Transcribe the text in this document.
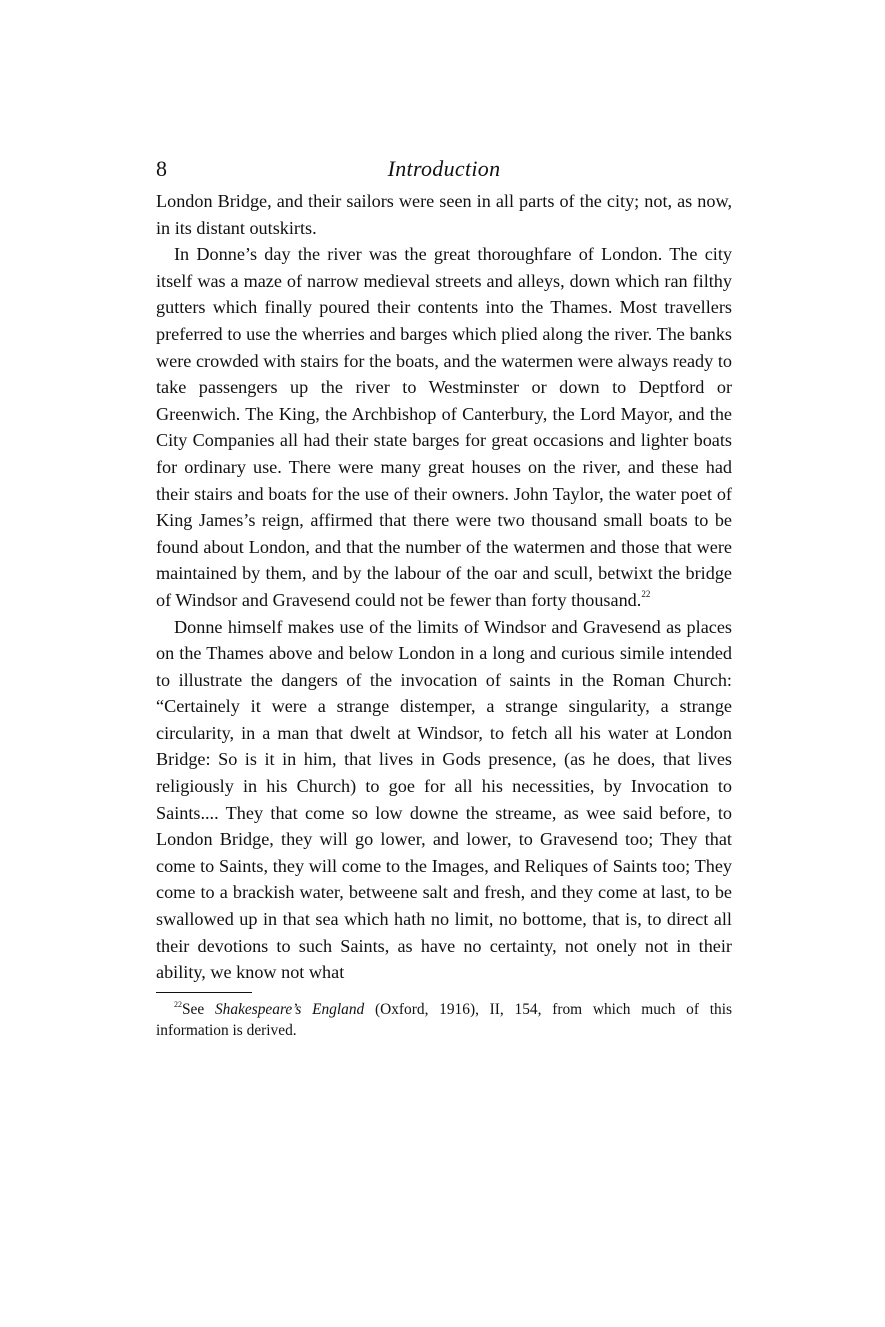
8	Introduction

London Bridge, and their sailors were seen in all parts of the city; not, as now, in its distant outskirts.

In Donne’s day the river was the great thoroughfare of London. The city itself was a maze of narrow medieval streets and alleys, down which ran filthy gutters which finally poured their contents into the Thames. Most travellers preferred to use the wherries and barges which plied along the river. The banks were crowded with stairs for the boats, and the watermen were always ready to take passengers up the river to Westminster or down to Deptford or Greenwich. The King, the Archbishop of Canterbury, the Lord Mayor, and the City Companies all had their state barges for great occasions and lighter boats for ordinary use. There were many great houses on the river, and these had their stairs and boats for the use of their owners. John Taylor, the water poet of King James’s reign, affirmed that there were two thousand small boats to be found about London, and that the number of the watermen and those that were maintained by them, and by the labour of the oar and scull, betwixt the bridge of Windsor and Gravesend could not be fewer than forty thousand.$^{22}$

Donne himself makes use of the limits of Windsor and Gravesend as places on the Thames above and below London in a long and curious simile intended to illustrate the dangers of the invocation of saints in the Roman Church: “Certainely it were a strange distemper, a strange singularity, a strange circularity, in a man that dwelt at Windsor, to fetch all his water at London Bridge: So is it in him, that lives in Gods presence, (as he does, that lives religiously in his Church) to goe for all his necessities, by Invocation to Saints.... They that come so low downe the streame, as wee said before, to London Bridge, they will go lower, and lower, to Gravesend too; They that come to Saints, they will come to the Images, and Reliques of Saints too; They come to a brackish water, betweene salt and fresh, and they come at last, to be swallowed up in that sea which hath no limit, no bottome, that is, to direct all their devotions to such Saints, as have no certainty, not onely not in their ability, we know not what

$^{22}$See Shakespeare’s England (Oxford, 1916), II, 154, from which much of this information is derived.
